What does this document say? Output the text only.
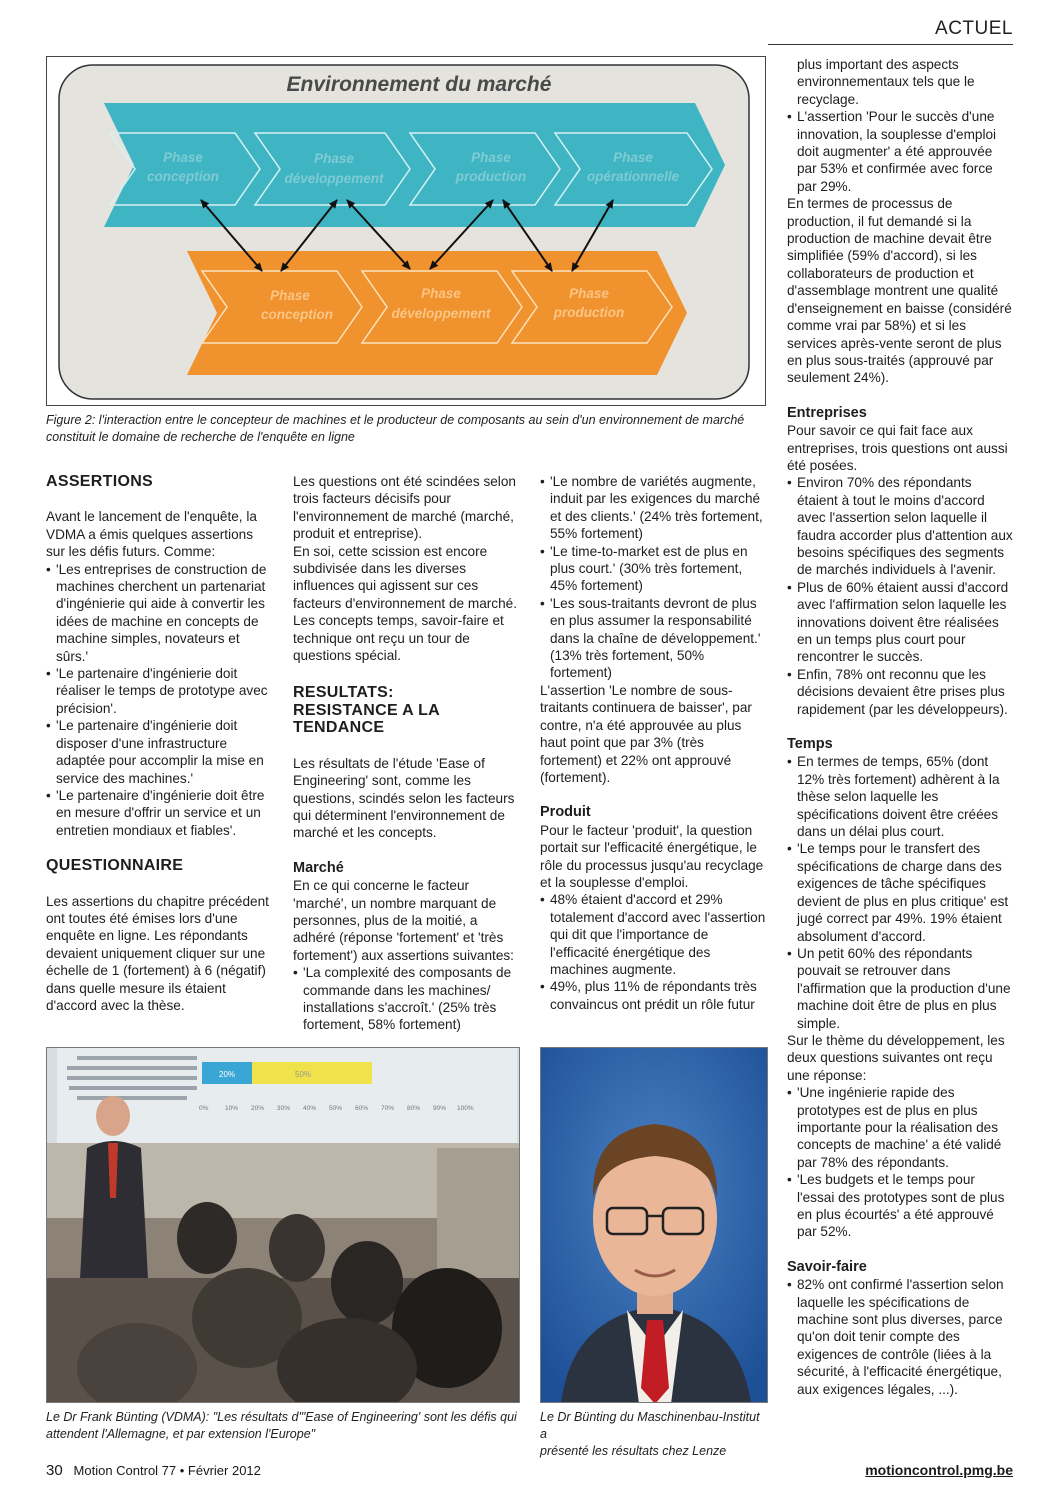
ACTUEL
Environnement du marché
Phase
conception
Phase
développement
Phase
production
Phase
opérationnelle
Phase
conception
Phase
développement
Phase
production
Figure 2: l'interaction entre le concepteur de machines et le producteur de composants au sein d'un environnement de marché
constituit le domaine de recherche de l'enquête en ligne
ASSERTIONS

Avant le lancement de l'enquête, la VDMA a émis quelques assertions sur les défis futurs. Comme:

• 'Les entreprises de construction de machines cherchent un partenariat d'ingénierie qui aide à convertir les idées de machine en concepts de machine simples, novateurs et sûrs.'
• 'Le partenaire d'ingénierie doit réaliser le temps de prototype avec précision'.
• 'Le partenaire d'ingénierie doit disposer d'une infrastructure adaptée pour accomplir la mise en service des machines.'
• 'Le partenaire d'ingénierie doit être en mesure d'offrir un service et un entretien mondiaux et fiables'.
QUESTIONNAIRE

Les assertions du chapitre précédent ont toutes été émises lors d'une enquête en ligne. Les répondants devaient uniquement cliquer sur une échelle de 1 (fortement) à 6 (négatif) dans quelle mesure ils étaient d'accord avec la thèse.

Les questions ont été scindées selon trois facteurs décisifs pour l'environnement de marché (marché, produit et entreprise).

En soi, cette scission est encore subdivisée dans les diverses influences qui agissent sur ces facteurs d'environnement de marché. Les concepts temps, savoir-faire et technique ont reçu un tour de questions spécial.

RESULTATS:
RESISTANCE A LA TENDANCE

Les résultats de l'étude 'Ease of Engineering' sont, comme les questions, scindés selon les facteurs qui déterminent l'environnement de marché et les concepts.

Marché

En ce qui concerne le facteur 'marché', un nombre marquant de personnes, plus de la moitié, a adhéré (réponse 'fortement' et 'très fortement') aux assertions suivantes:

• 'La complexité des composants de commande dans les machines/ installations s'accroît.' (25% très fortement, 58% fortement)
• 'Le nombre de variétés augmente, induit par les exigences du marché et des clients.' (24% très fortement, 55% fortement)
• 'Le time-to-market est de plus en plus court.' (30% très fortement, 45% fortement)
• 'Les sous-traitants devront de plus en plus assumer la responsabilité dans la chaîne de développement.' (13% très fortement, 50% fortement)

L'assertion 'Le nombre de sous-traitants continuera de baisser', par contre, n'a été approuvée au plus haut point que par 3% (très fortement) et 22% ont approuvé (fortement).

Produit

Pour le facteur 'produit', la question portait sur l'efficacité énergétique, le rôle du processus jusqu'au recyclage et la souplesse d'emploi.

• 48% étaient d'accord et 29% totalement d'accord avec l'assertion qui dit que l'importance de l'efficacité énergétique des machines augmente.
• 49%, plus 11% de répondants très convaincus ont prédit un rôle futur

plus important des aspects environnementaux tels que le recyclage.

• L'assertion 'Pour le succès d'une innovation, la souplesse d'emploi doit augmenter' a été approuvée par 53% et confirmée avec force par 29%.

En termes de processus de production, il fut demandé si la production de machine devait être simplifiée (59% d'accord), si les collaborateurs de production et d'assemblage montrent une qualité d'enseignement en baisse (considéré comme vrai par 58%) et si les services après-vente seront de plus en plus sous-traités (approuvé par seulement 24%).

Entreprises

Pour savoir ce qui fait face aux entreprises, trois questions ont aussi été posées.

• Environ 70% des répondants étaient à tout le moins d'accord avec l'assertion selon laquelle il faudra accorder plus d'attention aux besoins spécifiques des segments de marchés individuels à l'avenir.
• Plus de 60% étaient aussi d'accord avec l'affirmation selon laquelle les innovations doivent être réalisées en un temps plus court pour rencontrer le succès.
• Enfin, 78% ont reconnu que les décisions devaient être prises plus rapidement (par les développeurs).
Temps
• En termes de temps, 65% (dont 12% très fortement) adhèrent à la thèse selon laquelle les spécifications doivent être créées dans un délai plus court.
• 'Le temps pour le transfert des spécifications de charge dans des exigences de tâche spécifiques devient de plus en plus critique' est jugé correct par 49%. 19% étaient absolument d'accord.
• Un petit 60% des répondants pouvait se retrouver dans l'affirmation que la production d'une machine doit être de plus en plus simple.

Sur le thème du développement, les deux questions suivantes ont reçu une réponse:

• 'Une ingénierie rapide des prototypes est de plus en plus importante pour la réalisation des concepts de machine' a été validé par 78% des répondants.
• 'Les budgets et le temps pour l'essai des prototypes sont de plus en plus écourtés' a été approuvé par 52%.
Savoir-faire
• 82% ont confirmé l'assertion selon laquelle les spécifications de machine sont plus diverses, parce qu'on doit tenir compte des exigences de contrôle (liées à la sécurité, à l'efficacité énergétique, aux exigences légales, ...).
20%	50%
0%	10% 20% 30% 40% 50% 60% 70% 80% 90% 100%
Le Dr Frank Bünting (VDMA): "Les résultats d'"Ease of Engineering' sont les défis qui
attendent l'Allemagne, et par extension l'Europe"
Le Dr Bünting du Maschinenbau-Institut a
présenté les résultats chez Lenze
30 Motion Control 77 • Février 2012	motioncontrol.pmg.be
